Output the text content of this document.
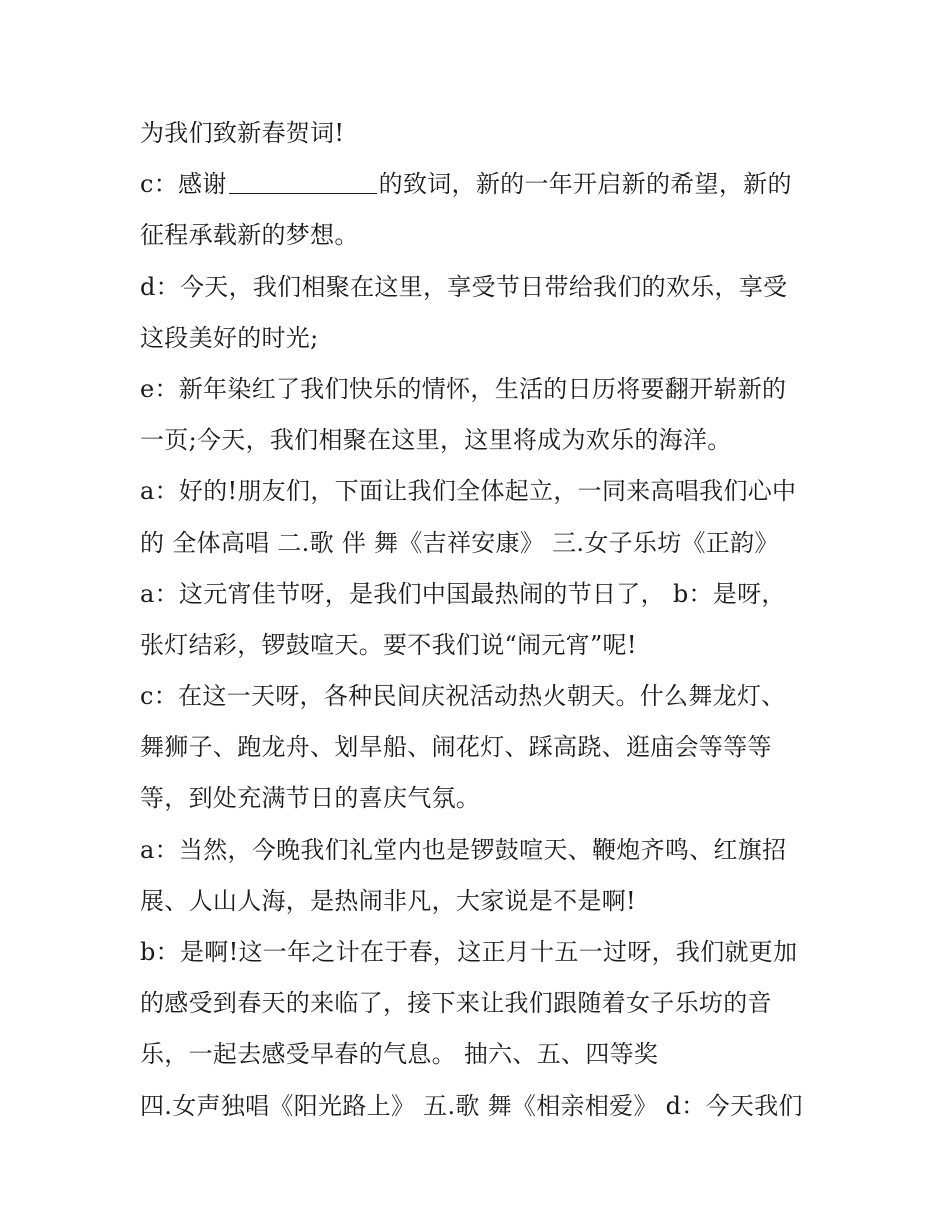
为我们致新春贺词!
c：感谢	的致词，新的一年开启新的希望，新的
征程承载新的梦想。
d：今天，我们相聚在这里，享受节日带给我们的欢乐，享受
这段美好的时光;
e：新年染红了我们快乐的情怀，生活的日历将要翻开崭新的
一页;今天，我们相聚在这里，这里将成为欢乐的海洋。
a：好的!朋友们，下面让我们全体起立，一同来高唱我们心中
的 全体高唱 二.歌 伴 舞《吉祥安康》 三.女子乐坊《正韵》
a：这元宵佳节呀，是我们中国最热闹的节日了， b：是呀，
张灯结彩，锣鼓喧天。要不我们说“闹元宵”呢!
c：在这一天呀，各种民间庆祝活动热火朝天。什么舞龙灯、
舞狮子、跑龙舟、划旱船、闹花灯、踩高跷、逛庙会等等等
等，到处充满节日的喜庆气氛。
a：当然，今晚我们礼堂内也是锣鼓喧天、鞭炮齐鸣、红旗招
展、人山人海，是热闹非凡，大家说是不是啊!
b：是啊!这一年之计在于春，这正月十五一过呀，我们就更加
的感受到春天的来临了，接下来让我们跟随着女子乐坊的音
乐，一起去感受早春的气息。 抽六、五、四等奖
四.女声独唱《阳光路上》 五.歌 舞《相亲相爱》 d：今天我们
